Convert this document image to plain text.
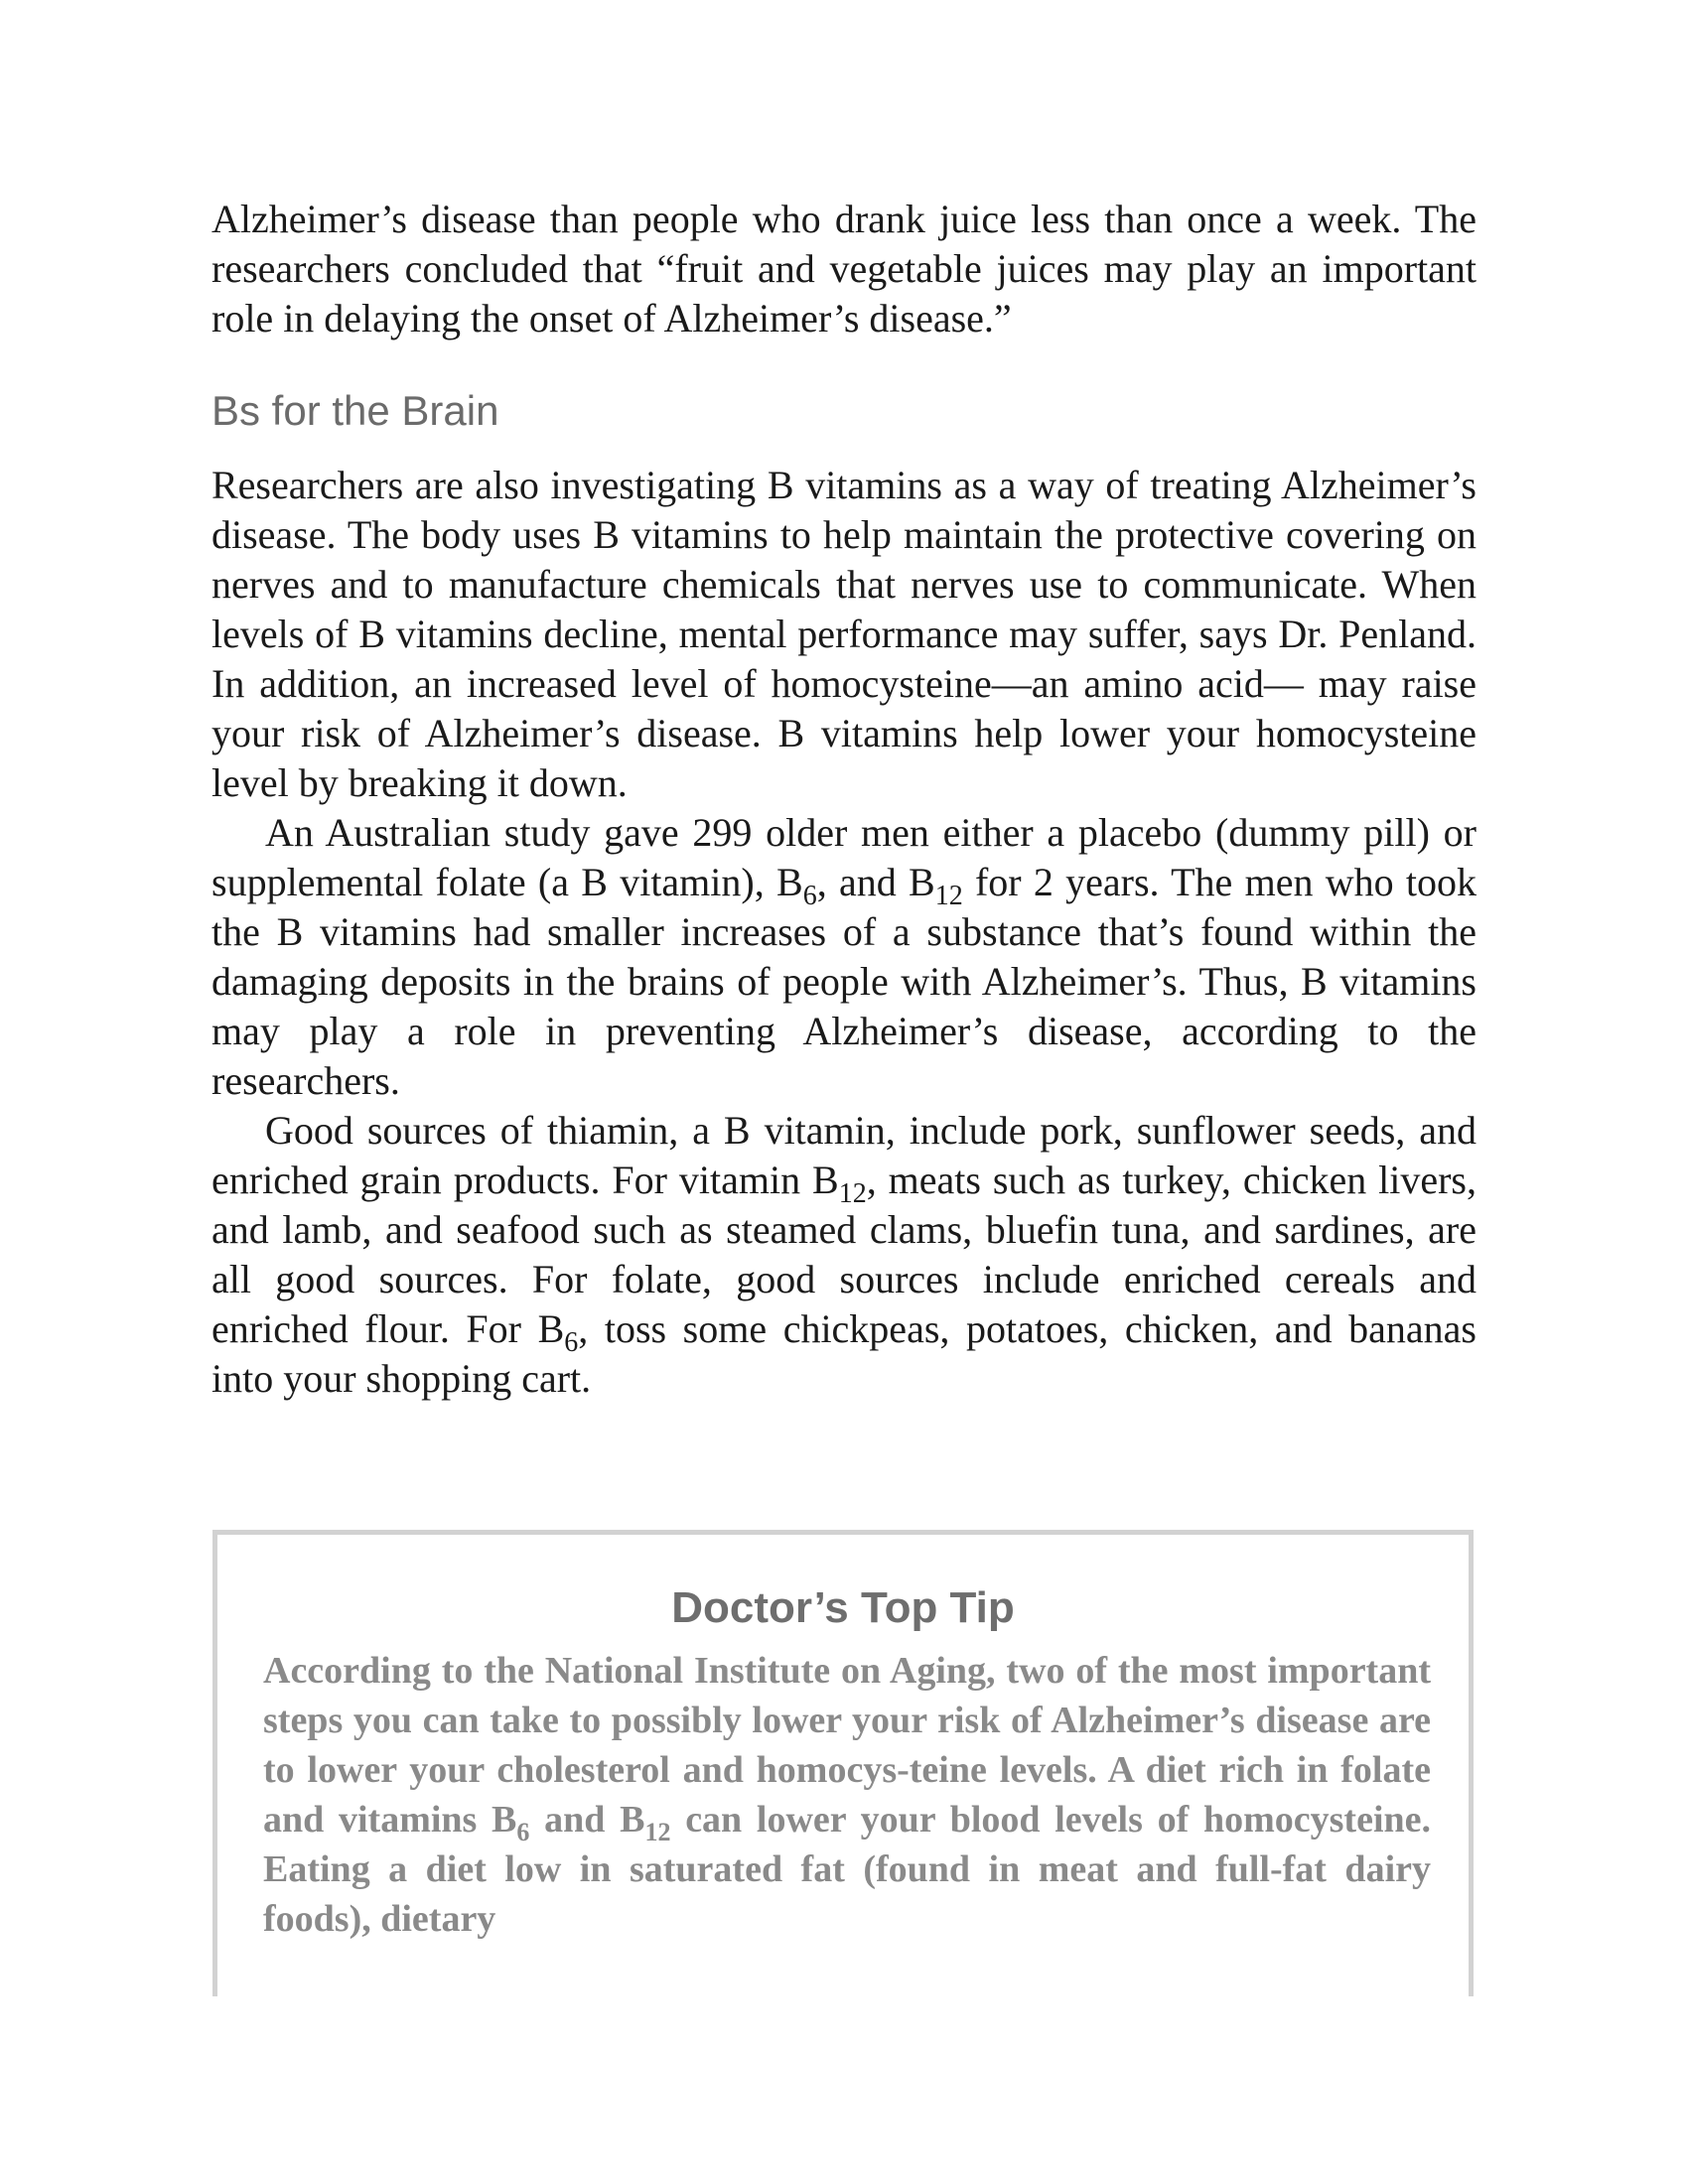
Alzheimer’s disease than people who drank juice less than once a week. The researchers concluded that “fruit and vegetable juices may play an important role in delaying the onset of Alzheimer’s disease.”

Bs for the Brain

Researchers are also investigating B vitamins as a way of treating Alzheimer’s disease. The body uses B vitamins to help maintain the protective covering on nerves and to manufacture chemicals that nerves use to communicate. When levels of B vitamins decline, mental performance may suffer, says Dr. Penland. In addition, an increased level of homocysteine—an amino acid— may raise your risk of Alzheimer’s disease. B vitamins help lower your homocysteine level by breaking it down.

An Australian study gave 299 older men either a placebo (dummy pill) or supplemental folate (a B vitamin), $B_6$, and $B_{12}$ for 2 years. The men who took the B vitamins had smaller increases of a substance that’s found within the damaging deposits in the brains of people with Alzheimer’s. Thus, B vitamins may play a role in preventing Alzheimer’s disease, according to the researchers.

Good sources of thiamin, a B vitamin, include pork, sunflower seeds, and enriched grain products. For vitamin $B_{12}$, meats such as turkey, chicken livers, and lamb, and seafood such as steamed clams, bluefin tuna, and sardines, are all good sources. For folate, good sources include enriched cereals and enriched flour. For $B_6$, toss some chickpeas, potatoes, chicken, and bananas into your shopping cart.

Doctor’s Top Tip

According to the National Institute on Aging, two of the most important steps you can take to possibly lower your risk of Alzheimer’s disease are to lower your cholesterol and homocys-teine levels. A diet rich in folate and vitamins $B_6$ and $B_{12}$ can lower your blood levels of homocysteine. Eating a diet low in saturated fat (found in meat and full-fat dairy foods), dietary
